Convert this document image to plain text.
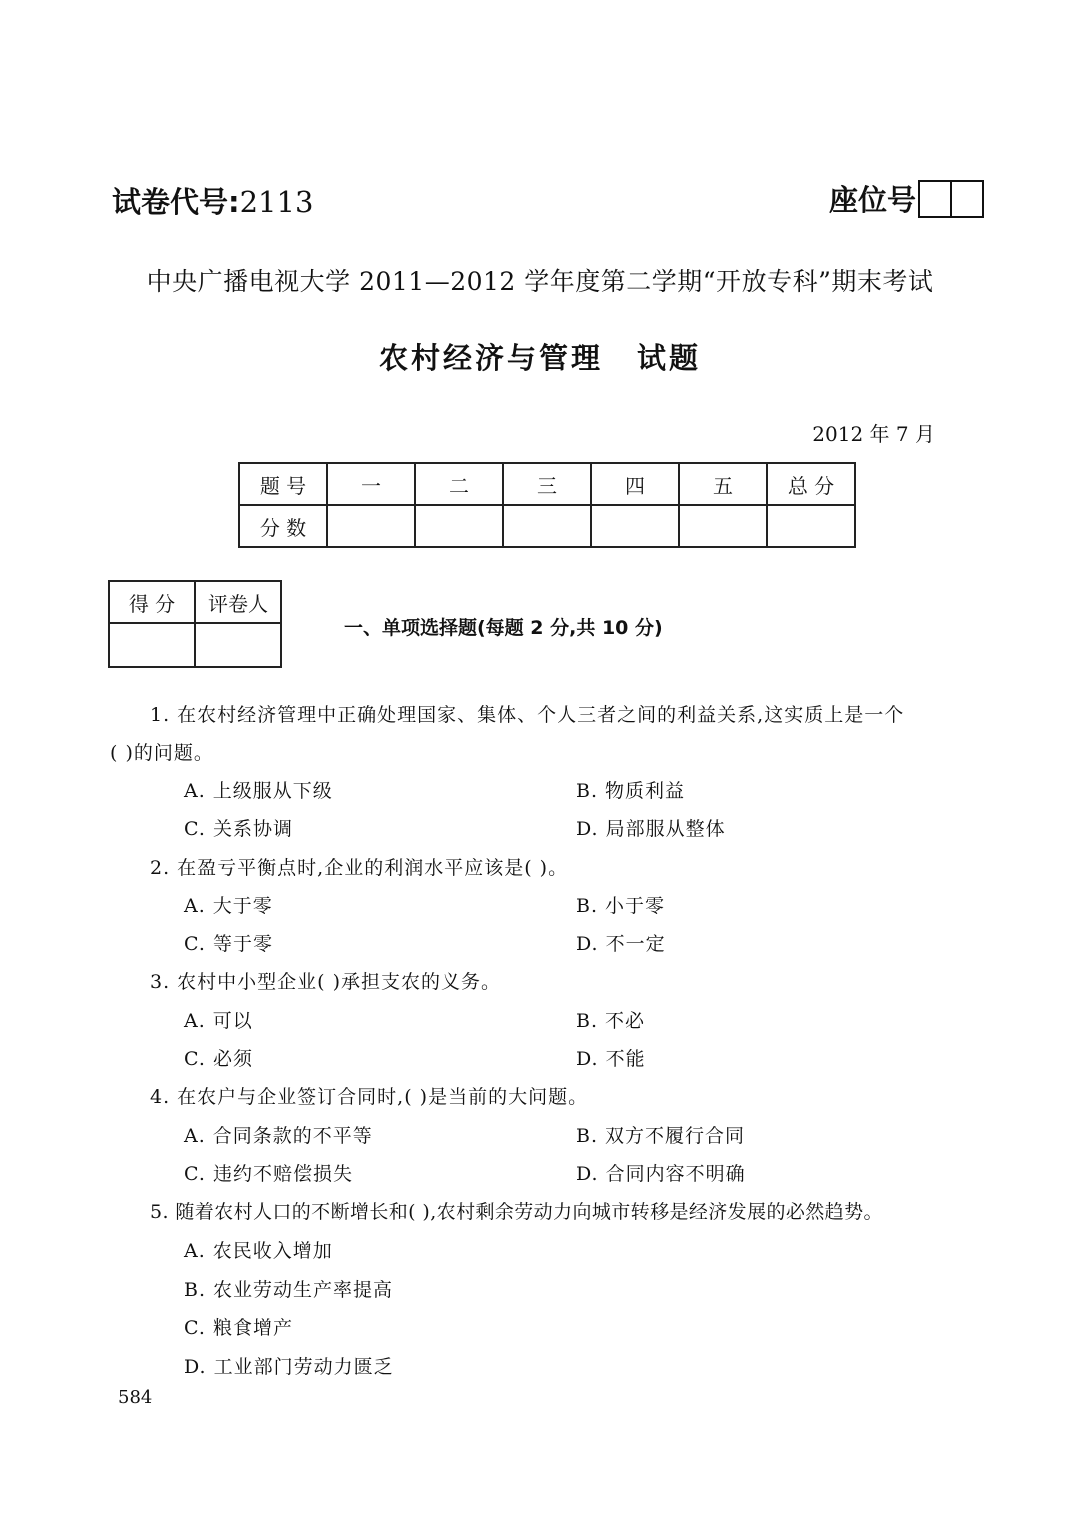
试卷代号:2113	座位号
中央广播电视大学 2011—2012 学年度第二学期“开放专科”期末考试
农村经济与管理 试题
2012 年 7 月
题 号	一	二	三	四	五	总 分
分 数						
得 分	评卷人

一、单项选择题(每题 2 分,共 10 分)
1. 在农村经济管理中正确处理国家、集体、个人三者之间的利益关系,这实质上是一个
( )的问题。
A. 上级服从下级	B. 物质利益
C. 关系协调	D. 局部服从整体
2. 在盈亏平衡点时,企业的利润水平应该是( )。
A. 大于零	B. 小于零
C. 等于零	D. 不一定
3. 农村中小型企业( )承担支农的义务。
A. 可以	B. 不必
C. 必须	D. 不能
4. 在农户与企业签订合同时,( )是当前的大问题。
A. 合同条款的不平等	B. 双方不履行合同
C. 违约不赔偿损失	D. 合同内容不明确
5. 随着农村人口的不断增长和( ),农村剩余劳动力向城市转移是经济发展的必然趋势。
A. 农民收入增加
B. 农业劳动生产率提高
C. 粮食增产
D. 工业部门劳动力匮乏
584
